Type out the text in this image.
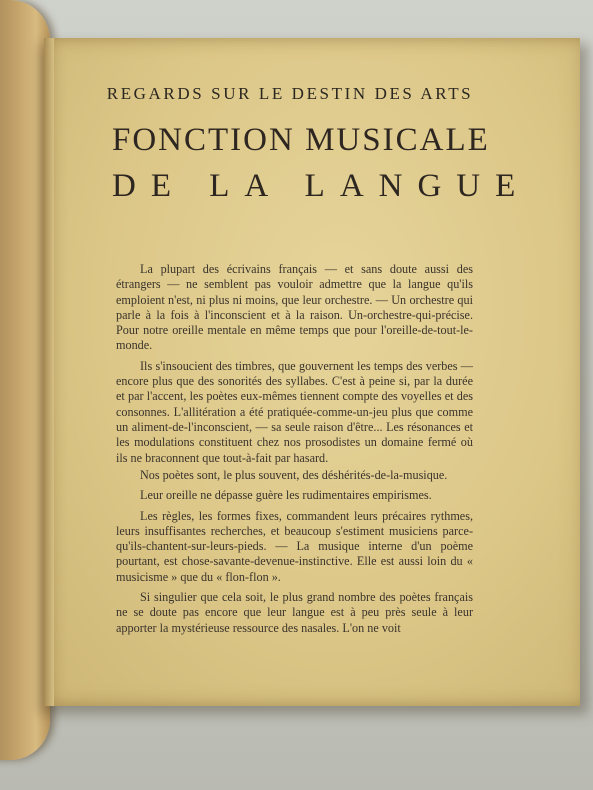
REGARDS SUR LE DESTIN DES ARTS
FONCTION MUSICALE
DE LA LANGUE

La plupart des écrivains français — et sans doute aussi des étrangers — ne semblent pas vouloir admettre que la langue qu'ils emploient n'est, ni plus ni moins, que leur orchestre. — Un orchestre qui parle à la fois à l'inconscient et à la raison. Un-orchestre-qui-précise. Pour notre oreille mentale en même temps que pour l'oreille-de-tout-le-monde.

Ils s'insoucient des timbres, que gouvernent les temps des verbes — encore plus que des sonorités des syllabes. C'est à peine si, par la durée et par l'accent, les poètes eux-mêmes tiennent compte des voyelles et des consonnes. L'allitération a été pratiquée-comme-un-jeu plus que comme un aliment-de-l'inconscient, — sa seule raison d'être... Les résonances et les modulations constituent chez nos prosodistes un domaine fermé où ils ne braconnent que tout-à-fait par hasard.

Nos poètes sont, le plus souvent, des déshérités-de-la-musique.

Leur oreille ne dépasse guère les rudimentaires empirismes.

Les règles, les formes fixes, commandent leurs précaires rythmes, leurs insuffisantes recherches, et beaucoup s'estiment musiciens parce-qu'ils-chantent-sur-leurs-pieds. — La musique interne d'un poème pourtant, est chose-savante-devenue-instinctive. Elle est aussi loin du « musicisme » que du « flon-flon ».

Si singulier que cela soit, le plus grand nombre des poètes français ne se doute pas encore que leur langue est à peu près seule à leur apporter la mystérieuse ressource des nasales. L'on ne voit
